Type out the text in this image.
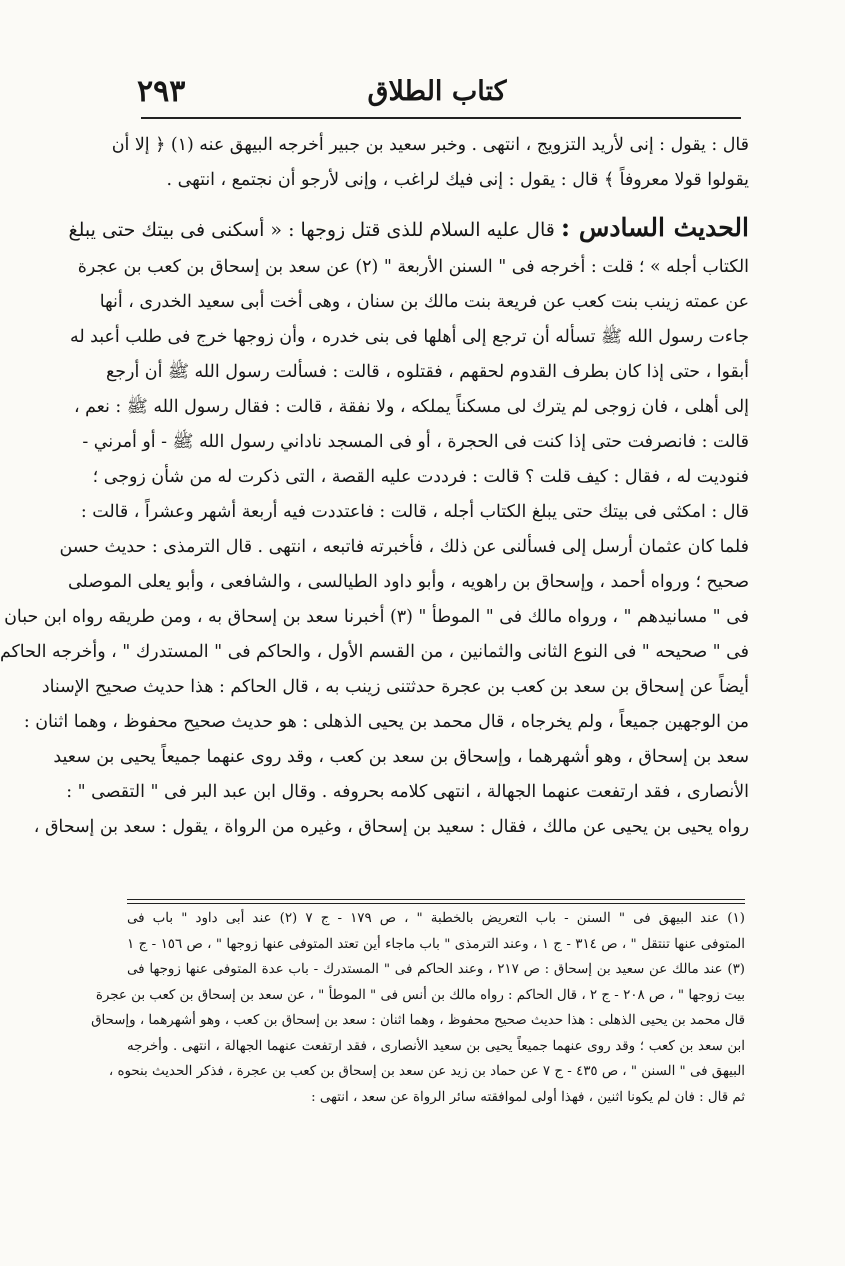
٢٩٣	كتاب الطلاق
قال : يقول : إنى لأريد التزويج ، انتهى . وخبر سعيد بن جبير أخرجه البيهق عنه (١) ﴿ إلا أن
يقولوا قولا معروفاً ﴾ قال : يقول : إنى فيك لراغب ، وإنى لأرجو أن نجتمع ، انتهى .
الحديث السادس : قال عليه السلام للذى قتل زوجها : « أسكنى فى بيتك حتى يبلغ
الكتاب أجله » ؛ قلت : أخرجه فى " السنن الأربعة " (٢) عن سعد بن إسحاق بن كعب بن عجرة
عن عمته زينب بنت كعب عن فريعة بنت مالك بن سنان ، وهى أخت أبى سعيد الخدرى ، أنها
جاءت رسول الله ﷺ تسأله أن ترجع إلى أهلها فى بنى خدره ، وأن زوجها خرج فى طلب أعبد له
أبقوا ، حتى إذا كان بطرف القدوم لحقهم ، فقتلوه ، قالت : فسألت رسول الله ﷺ أن أرجع
إلى أهلى ، فان زوجى لم يترك لى مسكناً يملكه ، ولا نفقة ، قالت : فقال رسول الله ﷺ : نعم ،
قالت : فانصرفت حتى إذا كنت فى الحجرة ، أو فى المسجد ناداني رسول الله ﷺ - أو أمرني -
فنوديت له ، فقال : كيف قلت ؟ قالت : فرددت عليه القصة ، التى ذكرت له من شأن زوجى ؛
قال : امكثى فى بيتك حتى يبلغ الكتاب أجله ، قالت : فاعتددت فيه أربعة أشهر وعشراً ، قالت :
فلما كان عثمان أرسل إلى فسألنى عن ذلك ، فأخبرته فاتبعه ، انتهى . قال الترمذى : حديث حسن
صحيح ؛ ورواه أحمد ، وإسحاق بن راهويه ، وأبو داود الطيالسى ، والشافعى ، وأبو يعلى الموصلى
فى " مسانيدهم " ، ورواه مالك فى " الموطأ " (٣) أخبرنا سعد بن إسحاق به ، ومن طريقه رواه ابن حبان
فى " صحيحه " فى النوع الثانى والثمانين ، من القسم الأول ، والحاكم فى " المستدرك " ، وأخرجه الحاكم
أيضاً عن إسحاق بن سعد بن كعب بن عجرة حدثتنى زينب به ، قال الحاكم : هذا حديث صحيح الإسناد
من الوجهين جميعاً ، ولم يخرجاه ، قال محمد بن يحيى الذهلى : هو حديث صحيح محفوظ ، وهما اثنان :
سعد بن إسحاق ، وهو أشهرهما ، وإسحاق بن سعد بن كعب ، وقد روى عنهما جميعاً يحيى بن سعيد
الأنصارى ، فقد ارتفعت عنهما الجهالة ، انتهى كلامه بحروفه . وقال ابن عبد البر فى " التقصى " :
رواه يحيى بن يحيى عن مالك ، فقال : سعيد بن إسحاق ، وغيره من الرواة ، يقول : سعد بن إسحاق ،
(١) عند البيهق فى " السنن - باب التعريض بالخطبة " ، ص ١٧٩ - ج ٧ (٢) عند أبى داود " باب فى
المتوفى عنها تنتقل " ، ص ٣١٤ - ج ١ ، وعند الترمذى " باب ماجاء أين تعتد المتوفى عنها زوجها " ، ص ١٥٦ - ج ١
(٣) عند مالك عن سعيد بن إسحاق : ص ٢١٧ ، وعند الحاكم فى " المستدرك - باب عدة المتوفى عنها زوجها فى
بيت زوجها " ، ص ٢٠٨ - ج ٢ ، قال الحاكم : رواه مالك بن أنس فى " الموطأ " ، عن سعد بن إسحاق بن كعب بن عجرة
قال محمد بن يحيى الذهلى : هذا حديث صحيح محفوظ ، وهما اثنان : سعد بن إسحاق بن كعب ، وهو أشهرهما ، وإسحاق
ابن سعد بن كعب ؛ وقد روى عنهما جميعاً يحيى بن سعيد الأنصارى ، فقد ارتفعت عنهما الجهالة ، انتهى . وأخرجه
البيهق فى " السنن " ، ص ٤٣٥ - ج ٧ عن حماد بن زيد عن سعد بن إسحاق بن كعب بن عجرة ، فذكر الحديث بنحوه ،
ثم قال : فان لم يكونا اثنين ، فهذا أولى لموافقته سائر الرواة عن سعد ، انتهى :
